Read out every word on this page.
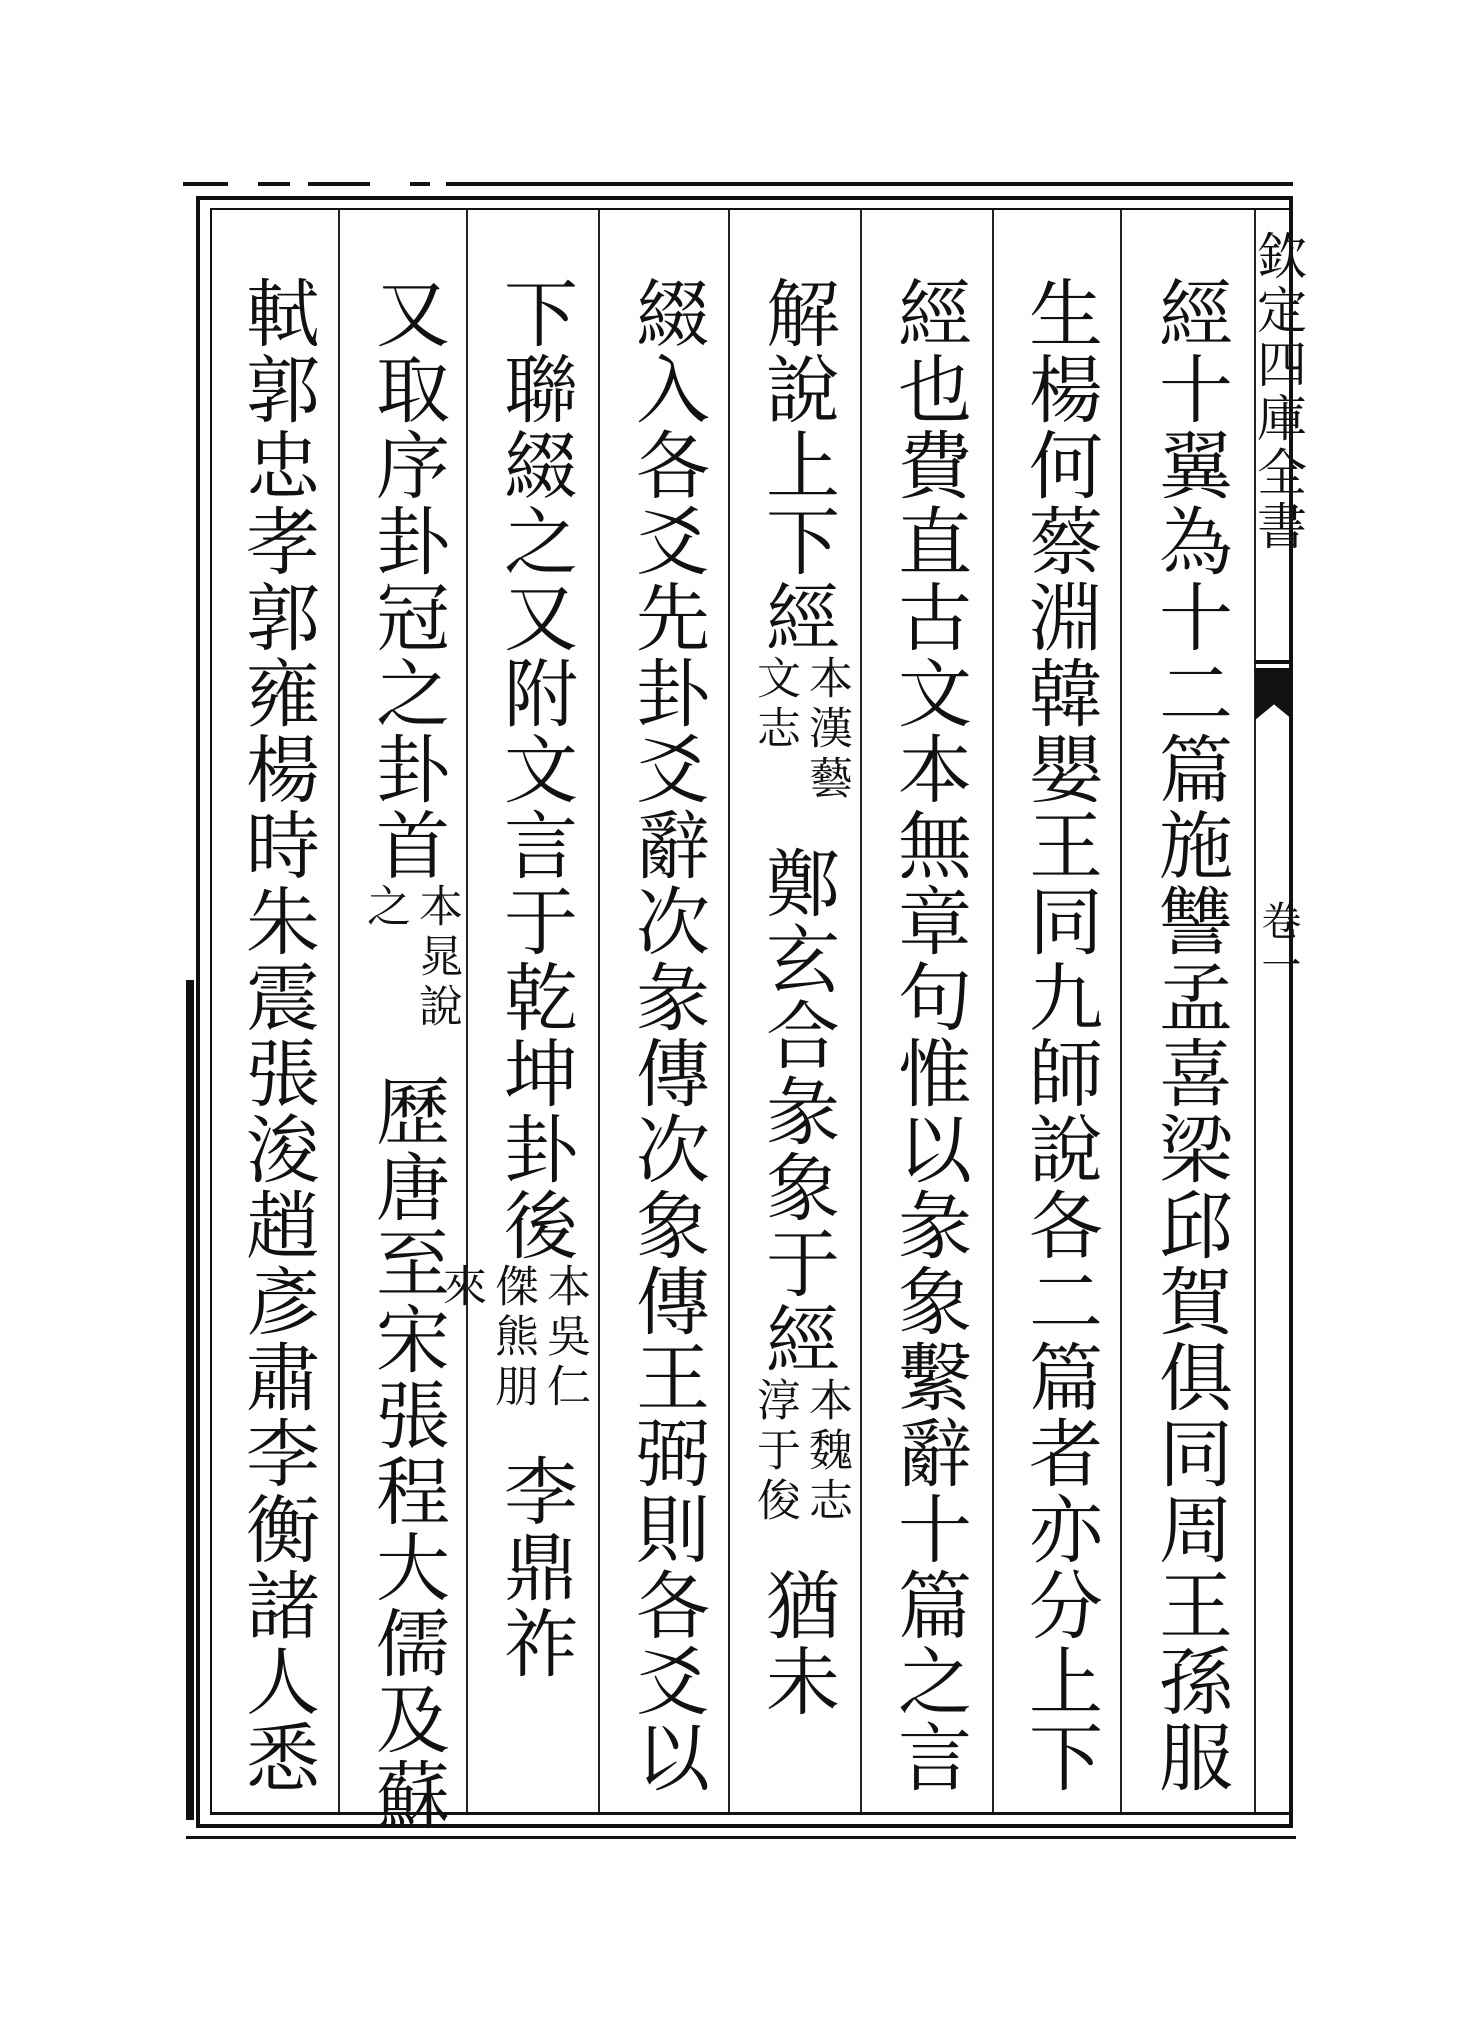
欽定四庫全書
卷一
經十翼為十二篇施讐孟喜梁邱賀俱同周王孫服
生楊何蔡淵韓嬰王同九師說各二篇者亦分上下
經也費直古文本無章句惟以彖象繫辭十篇之言
解說上下經本漢藝文志鄭玄合彖象于經本魏志淳于俊猶未
綴入各爻先卦爻辭次彖傳次象傳王弼則各爻以
下聯綴之又附文言于乾坤卦後本吳仁傑熊朋來李鼎祚
又取序卦冠之卦首本晁說之歷唐至宋張程大儒及蘇
軾郭忠孝郭雍楊時朱震張浚趙彥肅李衡諸人悉
